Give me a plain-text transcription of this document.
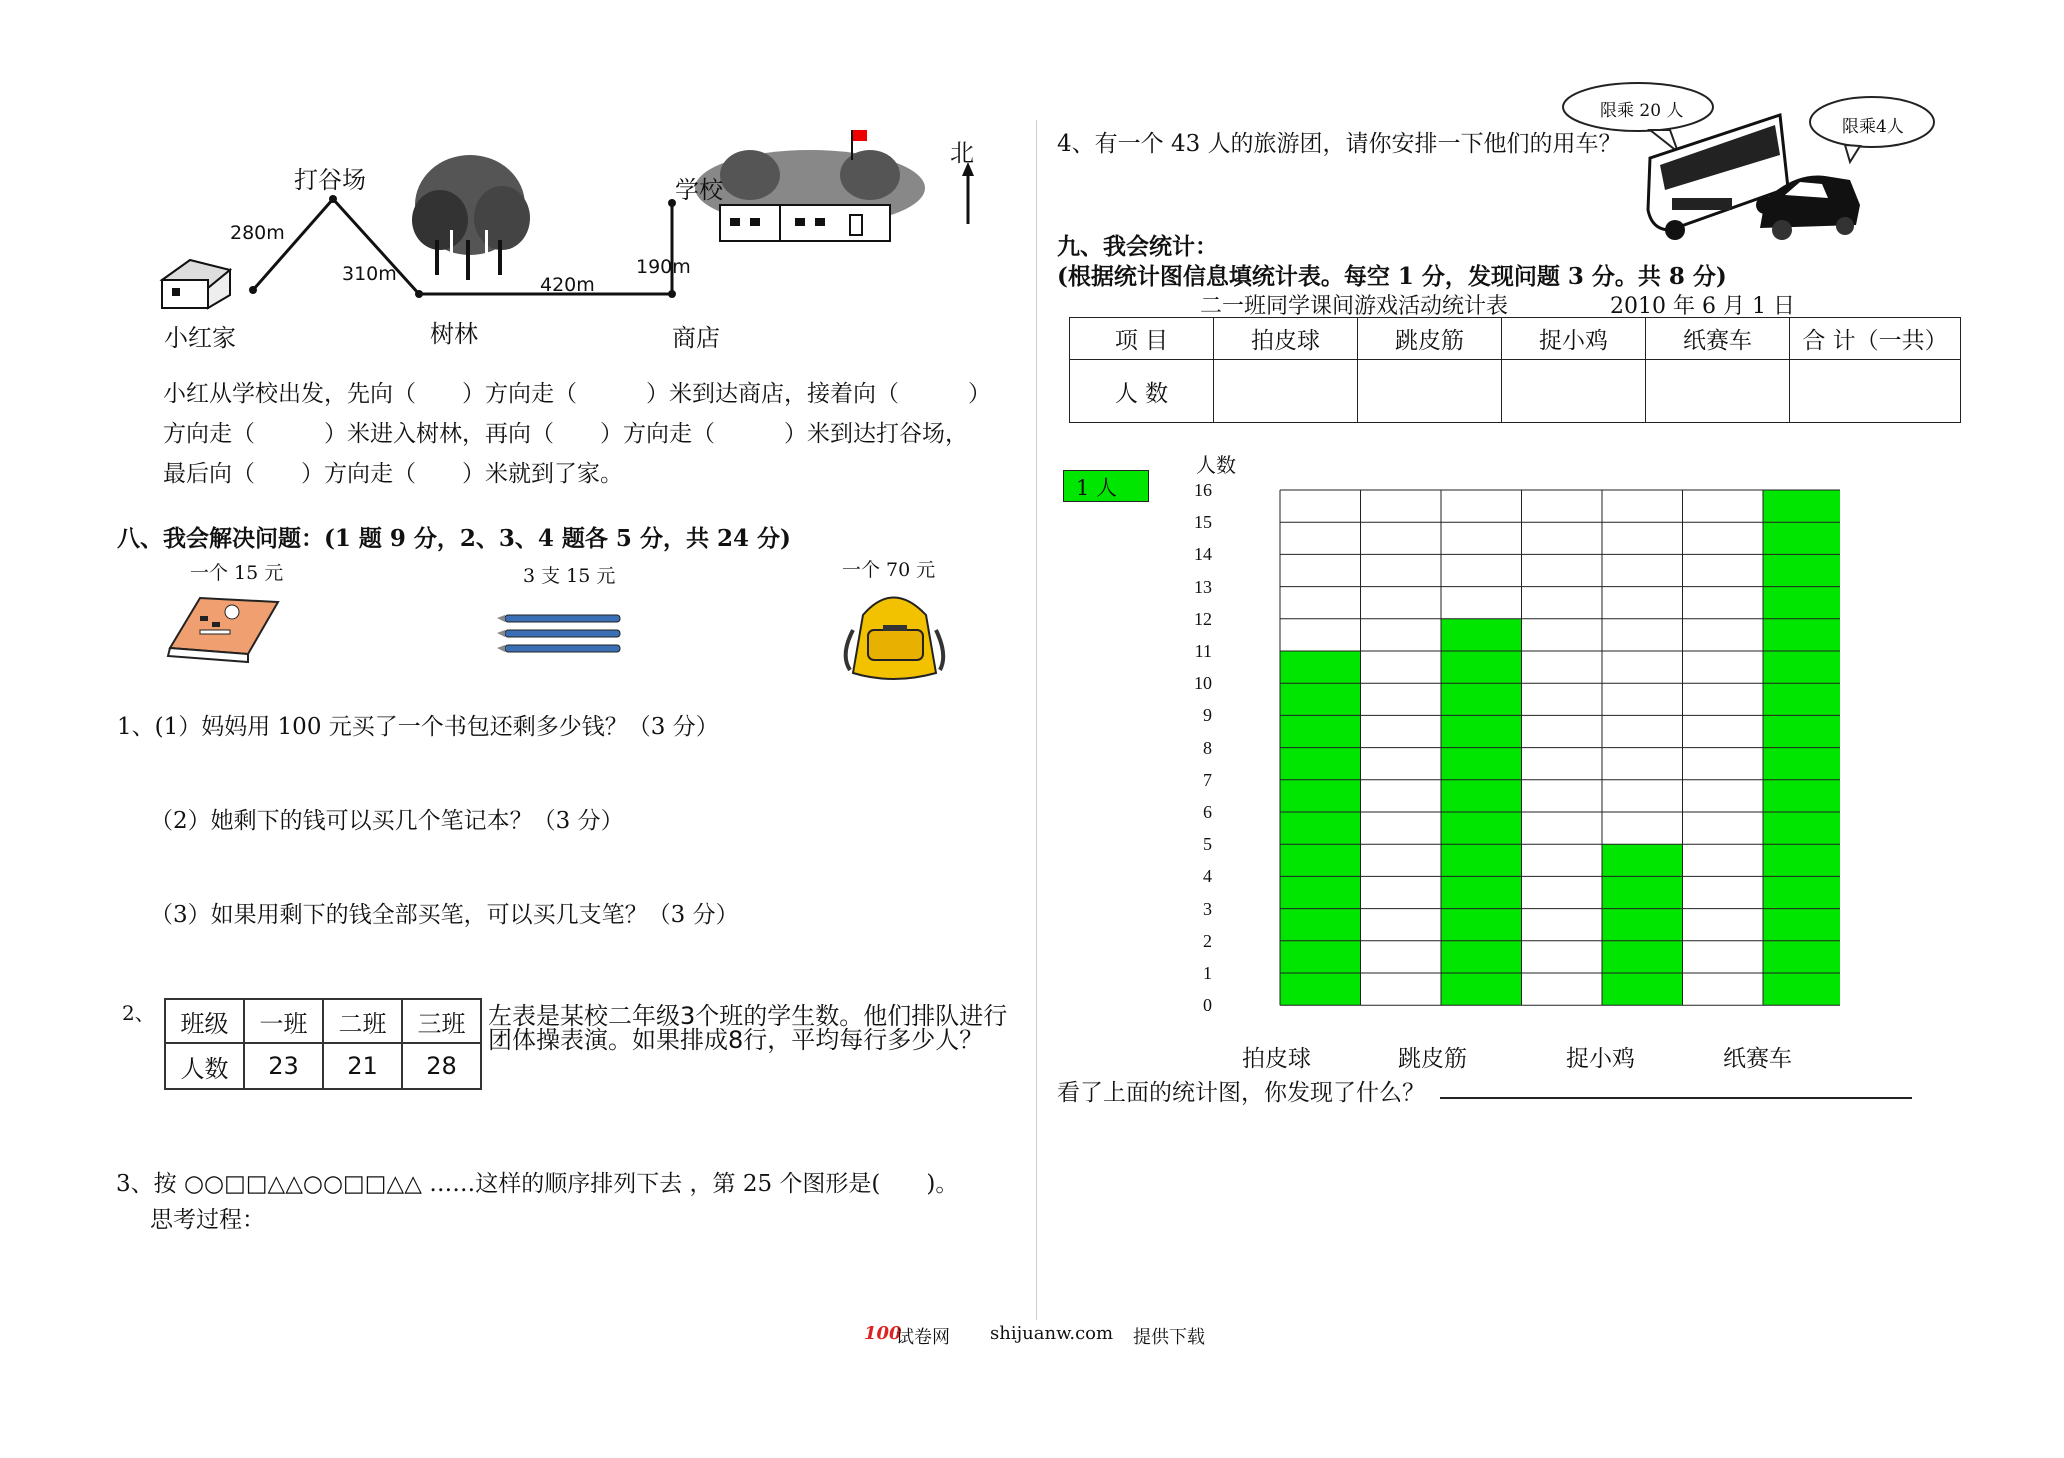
打谷场
小红家	树林
学校
商店
北
280m
310m	420m
190m
小红从学校出发，先向（　　）方向走（　　　）米到达商店，接着向（　　　）
方向走（　　　）米进入树林，再向（　　）方向走（　　　）米到达打谷场，
最后向（　　）方向走（　　）米就到了家。
八、我会解决问题：(1 题 9 分，2、3、4 题各 5 分，共 24 分)
一个 15 元	3 支 15 元	一个 70 元
1、(1）妈妈用 100 元买了一个书包还剩多少钱？（3 分）
（2）她剩下的钱可以买几个笔记本？（3 分）
（3）如果用剩下的钱全部买笔，可以买几支笔？（3 分）
2、 班级	一班	二班	三班
人数	23	21	28
左表是某校二年级3个班的学生数。他们排队进行
团体操表演。如果排成8行，平均每行多少人？
3、按 ○○□□△△○○□□△△ ……这样的顺序排列下去 ，第 25 个图形是(　　)。
思考过程：
4、有一个 43 人的旅游团，请你安排一下他们的用车？
限乘 20 人
限乘4人
九、我会统计：
(根据统计图信息填统计表。每空 1 分，发现问题 3 分。共 8 分)
二一班同学课间游戏活动统计表	2010 年 6 月 1 日
项 目	拍皮球	跳皮筋	捉小鸡	纸赛车	合 计（一共）
人 数					
1 人
人数
0
1
2
3
4
5
6
7
8
9
10
11
12
13
14
15
16
拍皮球	跳皮筋	捉小鸡	纸赛车
看了上面的统计图，你发现了什么？
100
试卷网 shijuanw.com 提供下载
